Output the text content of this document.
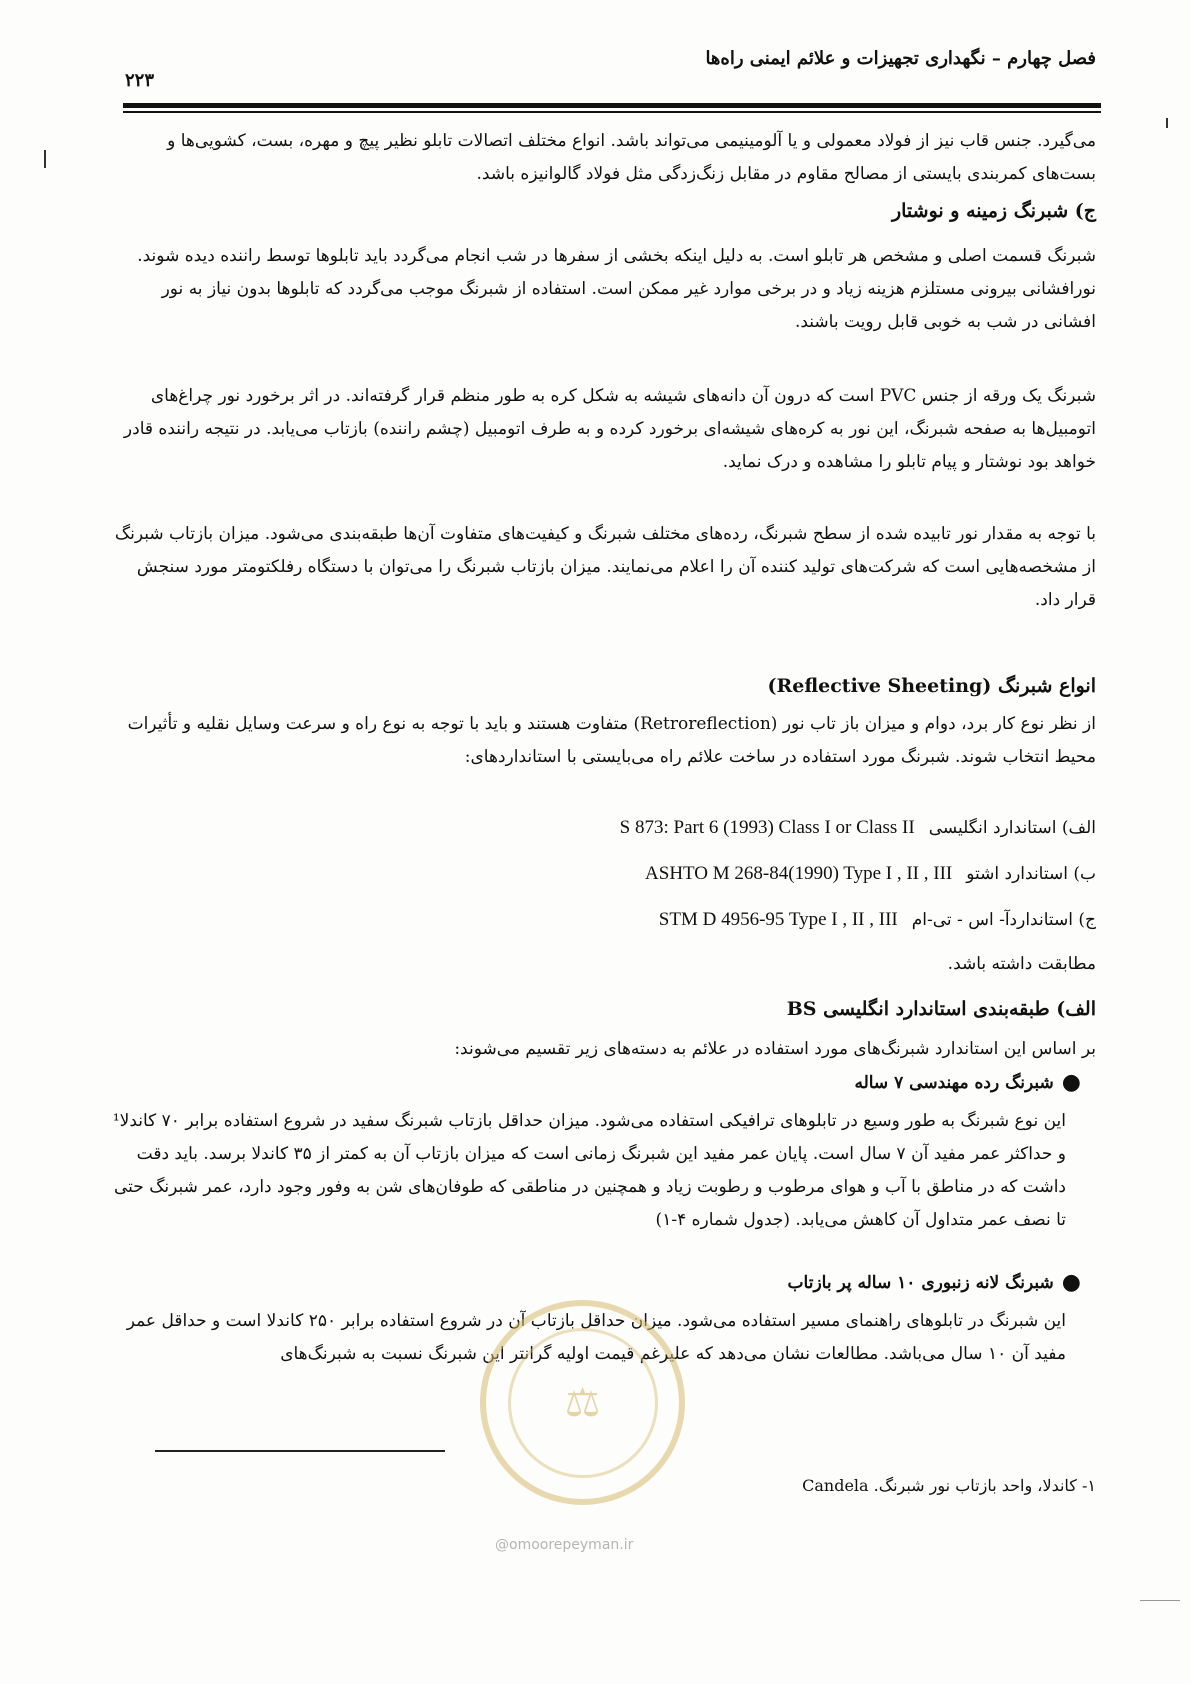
فصل چهارم – نگهداری تجهیزات و علائم ایمنی راه‌ها
۲۲۳

می‌گیرد. جنس قاب نیز از فولاد معمولی و یا آلومینیمی می‌تواند باشد. انواع مختلف اتصالات تابلو نظیر پیچ و مهره، بست، کشویی‌ها و بست‌های کمربندی بایستی از مصالح مقاوم در مقابل زنگ‌زدگی مثل فولاد گالوانیزه باشد.

ج) شبرنگ زمینه و نوشتار

شبرنگ قسمت اصلی و مشخص هر تابلو است. به دلیل اینکه بخشی از سفرها در شب انجام می‌گردد باید تابلوها توسط راننده دیده شوند. نورافشانی بیرونی مستلزم هزینه زیاد و در برخی موارد غیر ممکن است. استفاده از شبرنگ موجب می‌گردد که تابلوها بدون نیاز به نور افشانی در شب به خوبی قابل رویت باشند.

شبرنگ یک ورقه از جنس PVC است که درون آن دانه‌های شیشه به شکل کره به طور منظم قرار گرفته‌اند. در اثر برخورد نور چراغ‌های اتومبیل‌ها به صفحه شبرنگ، این نور به کره‌های شیشه‌ای برخورد کرده و به طرف اتومبیل (چشم راننده) بازتاب می‌یابد. در نتیجه راننده قادر خواهد بود نوشتار و پیام تابلو را مشاهده و درک نماید.

با توجه به مقدار نور تابیده شده از سطح شبرنگ، رده‌های مختلف شبرنگ و کیفیت‌های متفاوت آن‌ها طبقه‌بندی می‌شود. میزان بازتاب شبرنگ از مشخصه‌هایی است که شرکت‌های تولید کننده آن را اعلام می‌نمایند. میزان بازتاب شبرنگ را می‌توان با دستگاه رفلکتومتر مورد سنجش قرار داد.

انواع شبرنگ (Reflective Sheeting)

از نظر نوع کار برد، دوام و میزان باز تاب نور (Retroreflection) متفاوت هستند و باید با توجه به نوع راه و سرعت وسایل نقلیه و تأثیرات محیط انتخاب شوند. شبرنگ مورد استفاده در ساخت علائم راه می‌بایستی با استانداردهای:

الف) استاندارد انگلیسی
S 873: Part 6 (1993) Class I or Class II
ب) استاندارد اشتو
ASHTO M 268-84(1990) Type I , II , III
ج) استانداردآ- اس - تی-ام
STM D 4956-95 Type I , II , III

مطابقت داشته باشد.

الف) طبقه‌بندی استاندارد انگلیسی BS

بر اساس این استاندارد شبرنگ‌های مورد استفاده در علائم به دسته‌های زیر تقسیم می‌شوند:

●
شبرنگ رده مهندسی ۷ ساله

این نوع شبرنگ به طور وسیع در تابلوهای ترافیکی استفاده می‌شود. میزان حداقل بازتاب شبرنگ سفید در شروع استفاده برابر ۷۰ کاندلا¹ و حداکثر عمر مفید آن ۷ سال است. پایان عمر مفید این شبرنگ زمانی است که میزان بازتاب آن به کمتر از ۳۵ کاندلا برسد. باید دقت داشت که در مناطق با آب و هوای مرطوب و رطوبت زیاد و همچنین در مناطقی که طوفان‌های شن به وفور وجود دارد، عمر شبرنگ حتی تا نصف عمر متداول آن کاهش می‌یابد. (جدول شماره ۴-۱)

●
شبرنگ لانه زنبوری ۱۰ ساله پر بازتاب

این شبرنگ در تابلوهای راهنمای مسیر استفاده می‌شود. میزان حداقل بازتاب آن در شروع استفاده برابر ۲۵۰ کاندلا است و حداقل عمر مفید آن ۱۰ سال می‌باشد. مطالعات نشان می‌دهد که علیرغم قیمت اولیه گرانتر این شبرنگ نسبت به شبرنگ‌های

⚖

۱- کاندلا، واحد بازتاب نور شبرنگ. Candela

@omoorepeyman.ir
